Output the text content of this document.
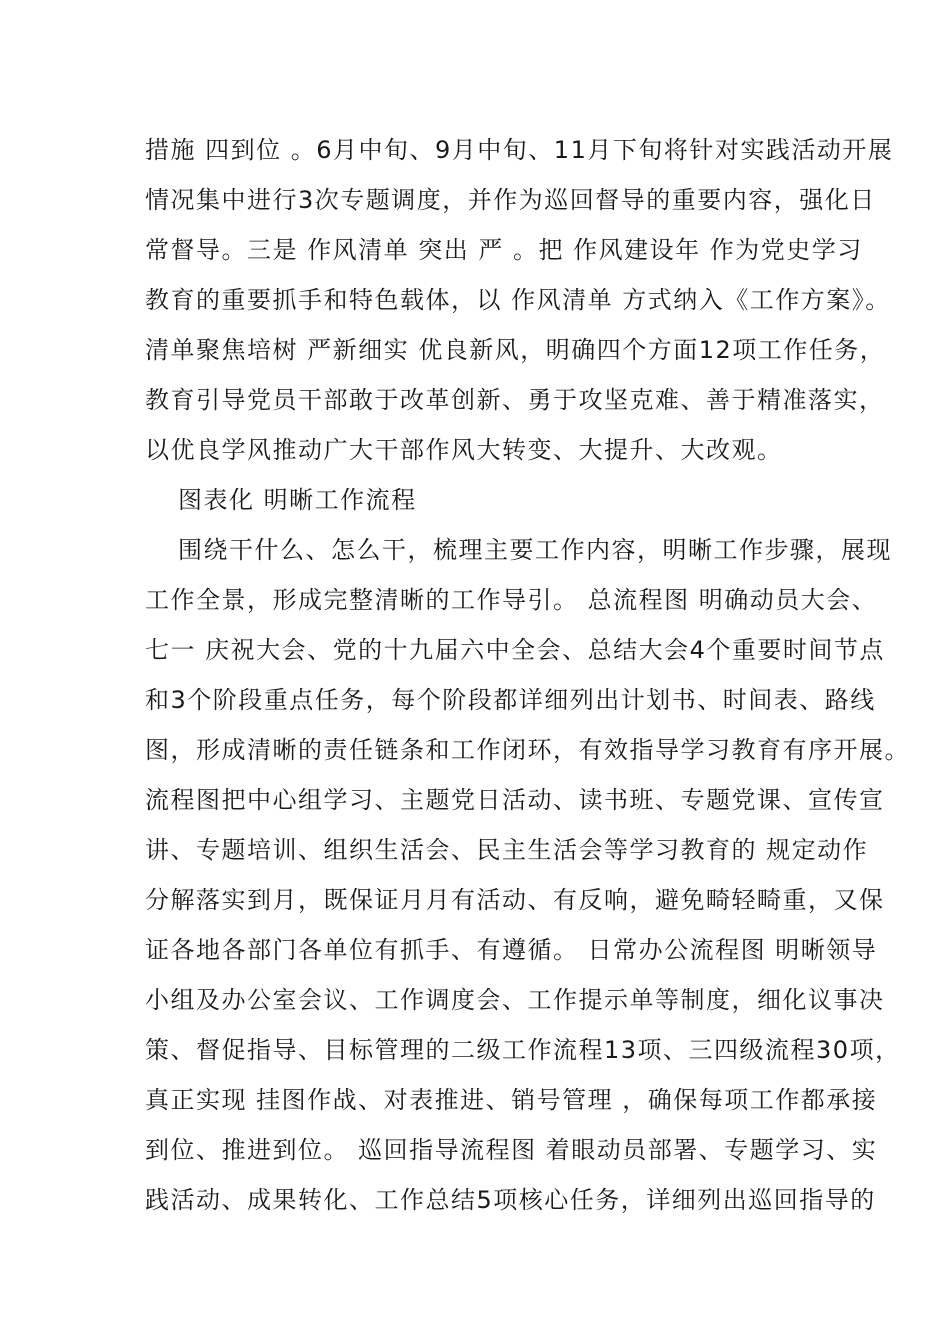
措施 四到位 。6月中旬、9月中旬、11月下旬将针对实践活动开展
情况集中进行3次专题调度，并作为巡回督导的重要内容，强化日
常督导。三是 作风清单 突出 严 。把 作风建设年 作为党史学习
教育的重要抓手和特色载体，以 作风清单 方式纳入《工作方案》。
清单聚焦培树 严新细实 优良新风，明确四个方面12项工作任务，
教育引导党员干部敢于改革创新、勇于攻坚克难、善于精准落实，
以优良学风推动广大干部作风大转变、大提升、大改观。
图表化 明晰工作流程
围绕干什么、怎么干，梳理主要工作内容，明晰工作步骤，展现
工作全景，形成完整清晰的工作导引。 总流程图 明确动员大会、
七一 庆祝大会、党的十九届六中全会、总结大会4个重要时间节点
和3个阶段重点任务，每个阶段都详细列出计划书、时间表、路线
图，形成清晰的责任链条和工作闭环，有效指导学习教育有序开展。
流程图把中心组学习、主题党日活动、读书班、专题党课、宣传宣
讲、专题培训、组织生活会、民主生活会等学习教育的 规定动作
分解落实到月，既保证月月有活动、有反响，避免畸轻畸重，又保
证各地各部门各单位有抓手、有遵循。 日常办公流程图 明晰领导
小组及办公室会议、工作调度会、工作提示单等制度，细化议事决
策、督促指导、目标管理的二级工作流程13项、三四级流程30项，
真正实现 挂图作战、对表推进、销号管理 ，确保每项工作都承接
到位、推进到位。 巡回指导流程图 着眼动员部署、专题学习、实
践活动、成果转化、工作总结5项核心任务，详细列出巡回指导的
